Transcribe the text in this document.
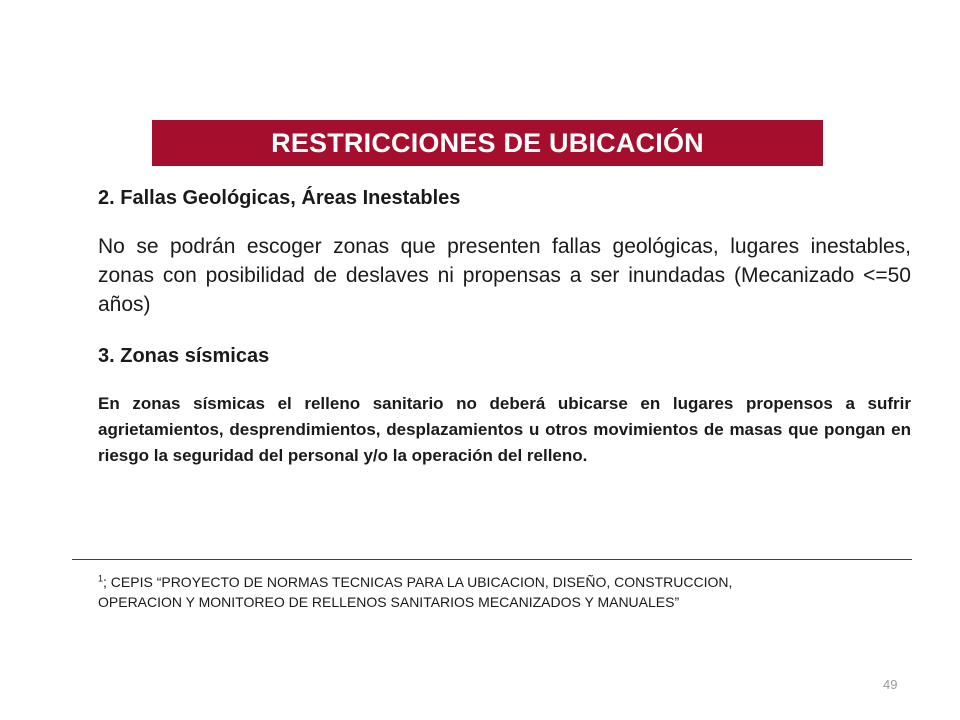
RESTRICCIONES DE UBICACIÓN
2. Fallas Geológicas, Áreas Inestables
No se podrán escoger zonas que presenten fallas geológicas, lugares inestables, zonas con posibilidad de deslaves ni propensas a ser inundadas (Mecanizado <=50 años)
3. Zonas sísmicas
En zonas sísmicas el relleno sanitario no deberá ubicarse en lugares propensos a sufrir agrietamientos, desprendimientos, desplazamientos u otros movimientos de masas que pongan en riesgo la seguridad del personal y/o la operación del relleno.
$^1$; CEPIS “PROYECTO DE NORMAS TECNICAS PARA LA UBICACION, DISEÑO, CONSTRUCCION, OPERACION Y MONITOREO DE RELLENOS SANITARIOS MECANIZADOS Y MANUALES”
49
